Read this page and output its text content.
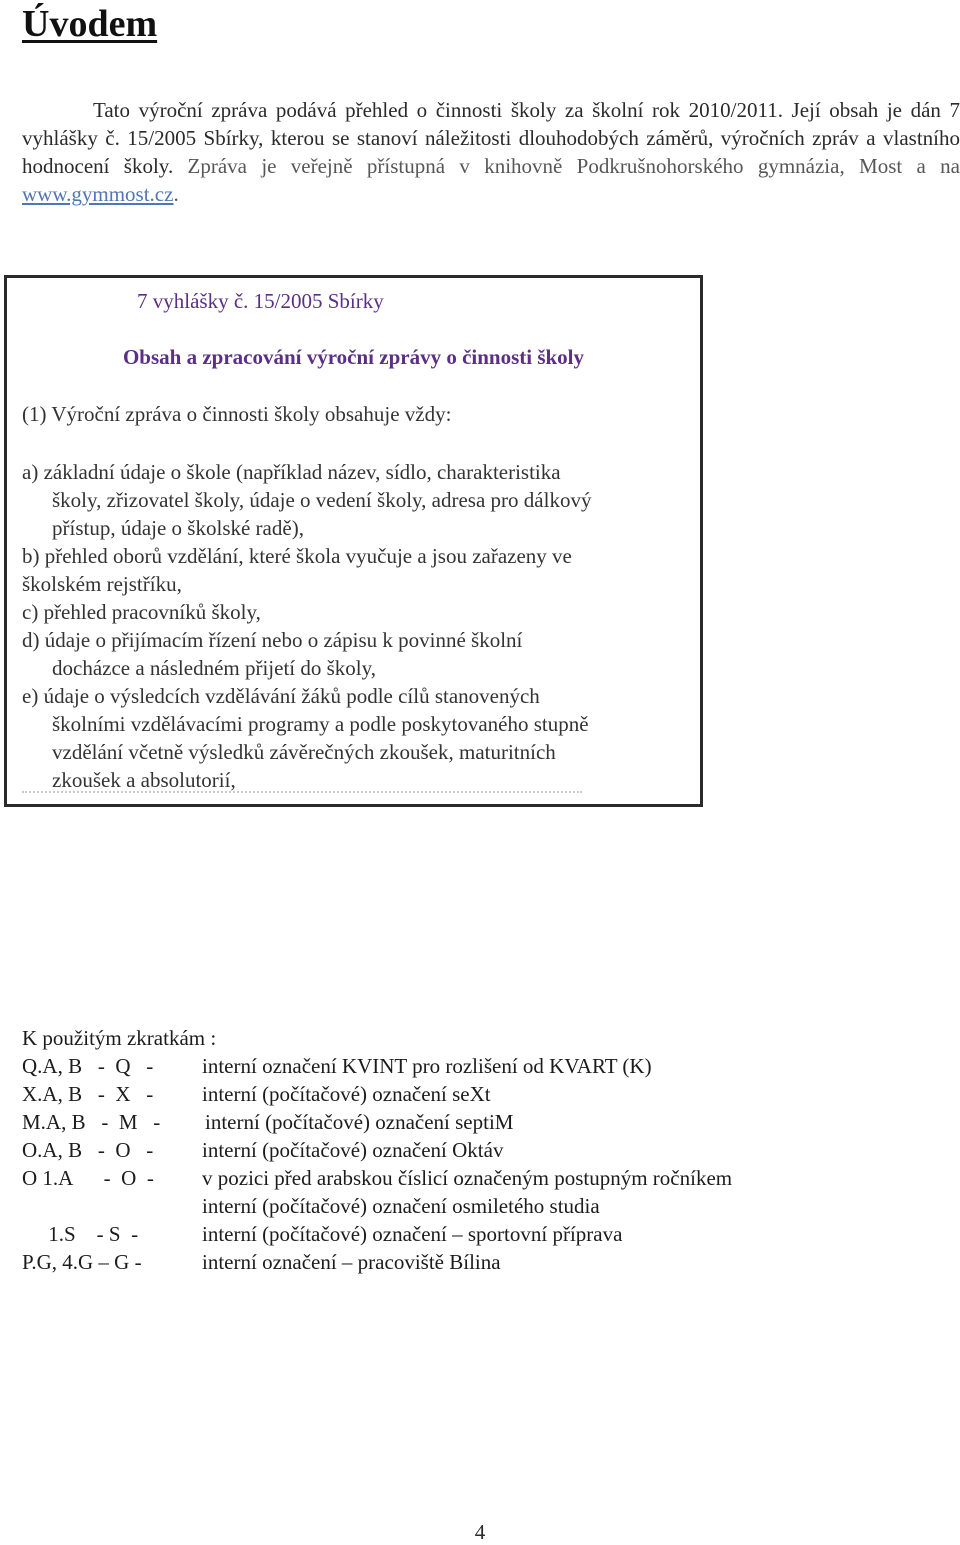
Úvodem
Tato výroční zpráva podává přehled o činnosti školy za školní rok 2010/2011. Její obsah je dán 7 vyhlášky č. 15/2005 Sbírky, kterou se stanoví náležitosti dlouhodobých záměrů, výročních zpráv a vlastního hodnocení školy. Zpráva je veřejně přístupná v knihovně Podkrušnohorského gymnázia, Most a na www.gymmost.cz.
7 vyhlášky č. 15/2005 Sbírky
Obsah a zpracování výroční zprávy o činnosti školy
(1) Výroční zpráva o činnosti školy obsahuje vždy:
a) základní údaje o škole (například název, sídlo, charakteristika
školy, zřizovatel školy, údaje o vedení školy, adresa pro dálkový
přístup, údaje o školské radě),
b) přehled oborů vzdělání, které škola vyučuje a jsou zařazeny ve
školském rejstříku,
c) přehled pracovníků školy,
d) údaje o přijímacím řízení nebo o zápisu k povinné školní
docházce a následném přijetí do školy,
e) údaje o výsledcích vzdělávání žáků podle cílů stanovených
školními vzdělávacími programy a podle poskytovaného stupně
vzdělání včetně výsledků závěrečných zkoušek, maturitních
zkoušek a absolutorií,
K použitým zkratkám :
Q.A, B   -  Q   - interní označení KVINT pro rozlišení od KVART (K)
X.A, B   -  X   - interní (počítačové) označení seXt
M.A, B   -  M   - interní (počítačové) označení septiM
O.A, B   -  O   - interní (počítačové) označení Oktáv
O 1.A      -  O  - v pozici před arabskou číslicí označeným postupným ročníkem
interní (počítačové) označení osmiletého studia
1.S    - S  -	interní (počítačové) označení – sportovní příprava
P.G, 4.G – G -	interní označení – pracoviště Bílina
4
